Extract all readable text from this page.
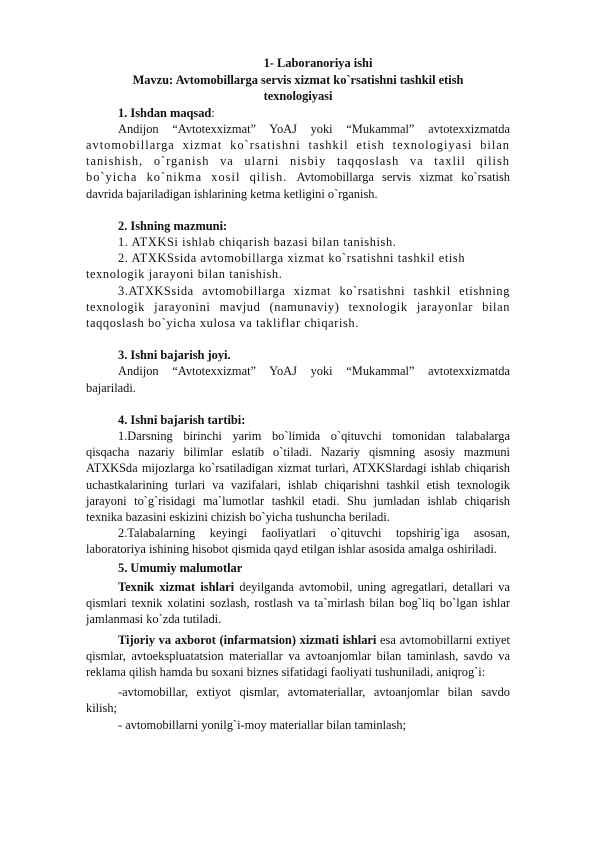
1- Laboranoriya ishi
Mavzu: Avtomobillarga servis xizmat ko`rsatishni tashkil etish texnologiyasi

1. Ishdan maqsad:

Andijon “Avtotexxizmat” YoAJ yoki “Mukammal” avtotexxizmatda

avtomobillarga xizmat ko`rsatishni tashkil etish texnologiyasi bilan tanishish, o`rganish va ularni nisbiy taqqoslash va taxlil qilish bo`yicha ko`nikma xosil qilish. Avtomobillarga servis xizmat ko`rsatish davrida bajariladigan ishlarining ketma ketligini o`rganish.

2. Ishning mazmuni:

1. ATXKSi ishlab chiqarish bazasi bilan tanishish.

2. ATXKSsida avtomobillarga xizmat ko`rsatishni tashkil etish texnologik jarayoni bilan tanishish.

3.ATXKSsida avtomobillarga xizmat ko`rsatishni tashkil etishning texnologik jarayonini mavjud (namunaviy) texnologik jarayonlar bilan taqqoslash bo`yicha xulosa va takliflar chiqarish.

3. Ishni bajarish joyi.

Andijon “Avtotexxizmat” YoAJ yoki “Mukammal” avtotexxizmatda bajariladi.

4. Ishni bajarish tartibi:

1.Darsning birinchi yarim bo`limida o`qituvchi tomonidan talabalarga qisqacha nazariy bilimlar eslatib o`tiladi. Nazariy qismning asosiy mazmuni ATXKSda mijozlarga ko`rsatiladigan xizmat turlari, ATXKSlardagi ishlab chiqarish uchastkalarining turlari va vazifalari, ishlab chiqarishni tashkil etish texnologik jarayoni to`g`risidagi ma`lumotlar tashkil etadi. Shu jumladan ishlab chiqarish texnika bazasini eskizini chizish bo`yicha tushuncha beriladi.

2.Talabalarning keyingi faoliyatlari o`qituvchi topshirig`iga asosan, laboratoriya ishining hisobot qismida qayd etilgan ishlar asosida amalga oshiriladi.

5. Umumiy malumotlar

Texnik xizmat ishlari deyilganda avtomobil, uning agregatlari, detallari va qismlari texnik xolatini sozlash, rostlash va ta`mirlash bilan bog`liq bo`lgan ishlar jamlanmasi ko`zda tutiladi.

Tijoriy va axborot (infarmatsion) xizmati ishlari esa avtomobillarni extiyet qismlar, avtoekspluatatsion materiallar va avtoanjomlar bilan taminlash, savdo va reklama qilish hamda bu soxani biznes sifatidagi faoliyati tushuniladi, aniqrog`i:

-avtomobillar, extiyot qismlar, avtomateriallar, avtoanjomlar bilan savdo kilish;

- avtomobillarni yonilg`i-moy materiallar bilan taminlash;
